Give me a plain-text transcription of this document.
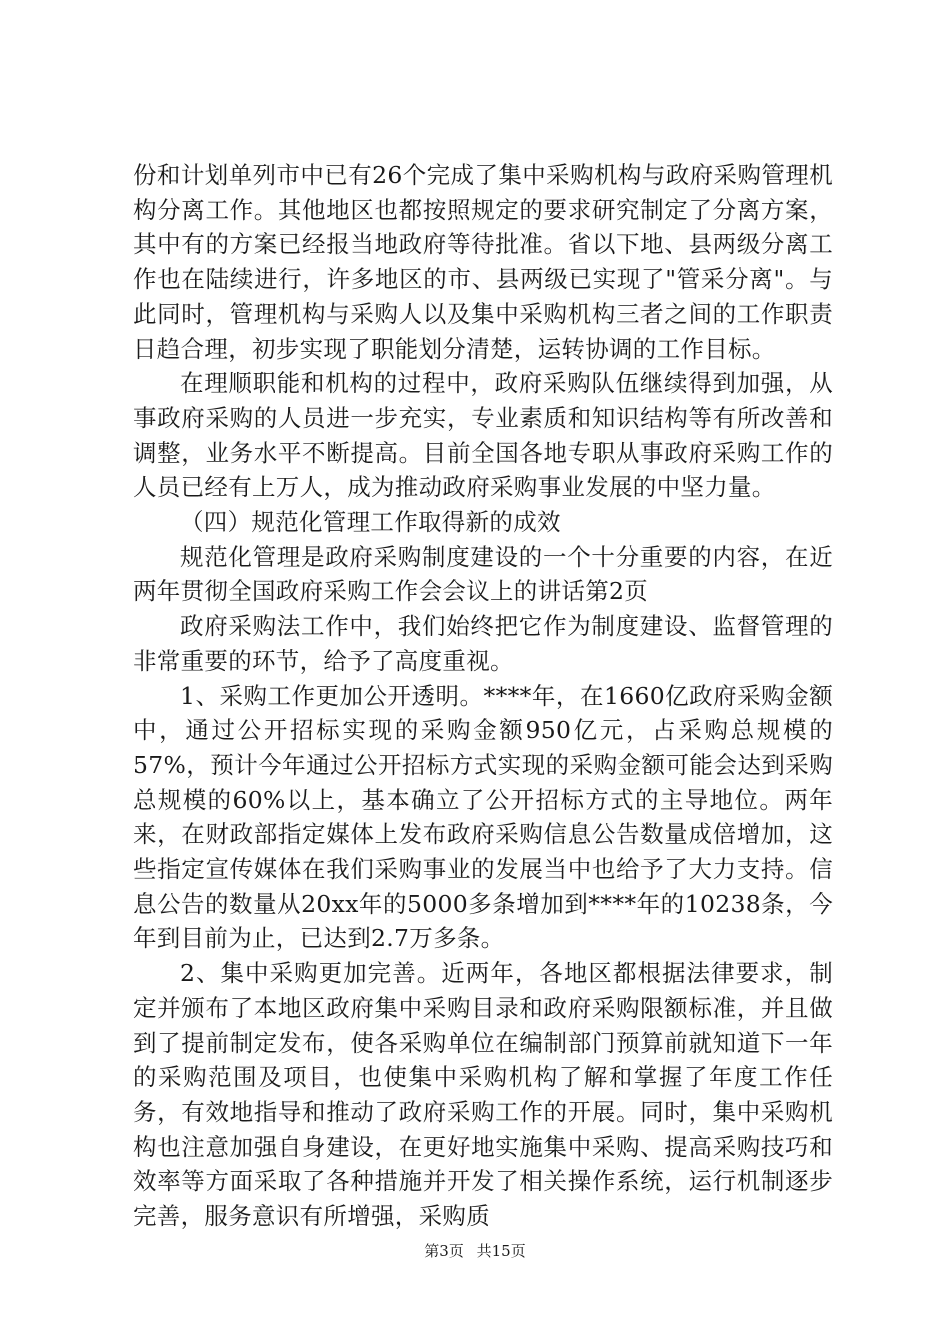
份和计划单列市中已有26个完成了集中采购机构与政府采购管理机构分离工作。其他地区也都按照规定的要求研究制定了分离方案，其中有的方案已经报当地政府等待批准。省以下地、县两级分离工作也在陆续进行，许多地区的市、县两级已实现了"管采分离"。与此同时，管理机构与采购人以及集中采购机构三者之间的工作职责日趋合理，初步实现了职能划分清楚，运转协调的工作目标。

在理顺职能和机构的过程中，政府采购队伍继续得到加强，从事政府采购的人员进一步充实，专业素质和知识结构等有所改善和调整，业务水平不断提高。目前全国各地专职从事政府采购工作的人员已经有上万人，成为推动政府采购事业发展的中坚力量。

（四）规范化管理工作取得新的成效

规范化管理是政府采购制度建设的一个十分重要的内容，在近两年贯彻全国政府采购工作会会议上的讲话第2页

政府采购法工作中，我们始终把它作为制度建设、监督管理的非常重要的环节，给予了高度重视。

1、采购工作更加公开透明。****年，在1660亿政府采购金额中，通过公开招标实现的采购金额950亿元，占采购总规模的57%，预计今年通过公开招标方式实现的采购金额可能会达到采购总规模的60%以上，基本确立了公开招标方式的主导地位。两年来，在财政部指定媒体上发布政府采购信息公告数量成倍增加，这些指定宣传媒体在我们采购事业的发展当中也给予了大力支持。信息公告的数量从20xx年的5000多条增加到****年的10238条，今年到目前为止，已达到2.7万多条。

2、集中采购更加完善。近两年，各地区都根据法律要求，制定并颁布了本地区政府集中采购目录和政府采购限额标准，并且做到了提前制定发布，使各采购单位在编制部门预算前就知道下一年的采购范围及项目，也使集中采购机构了解和掌握了年度工作任务，有效地指导和推动了政府采购工作的开展。同时，集中采购机构也注意加强自身建设，在更好地实施集中采购、提高采购技巧和效率等方面采取了各种措施并开发了相关操作系统，运行机制逐步完善，服务意识有所增强，采购质

第3页 共15页
